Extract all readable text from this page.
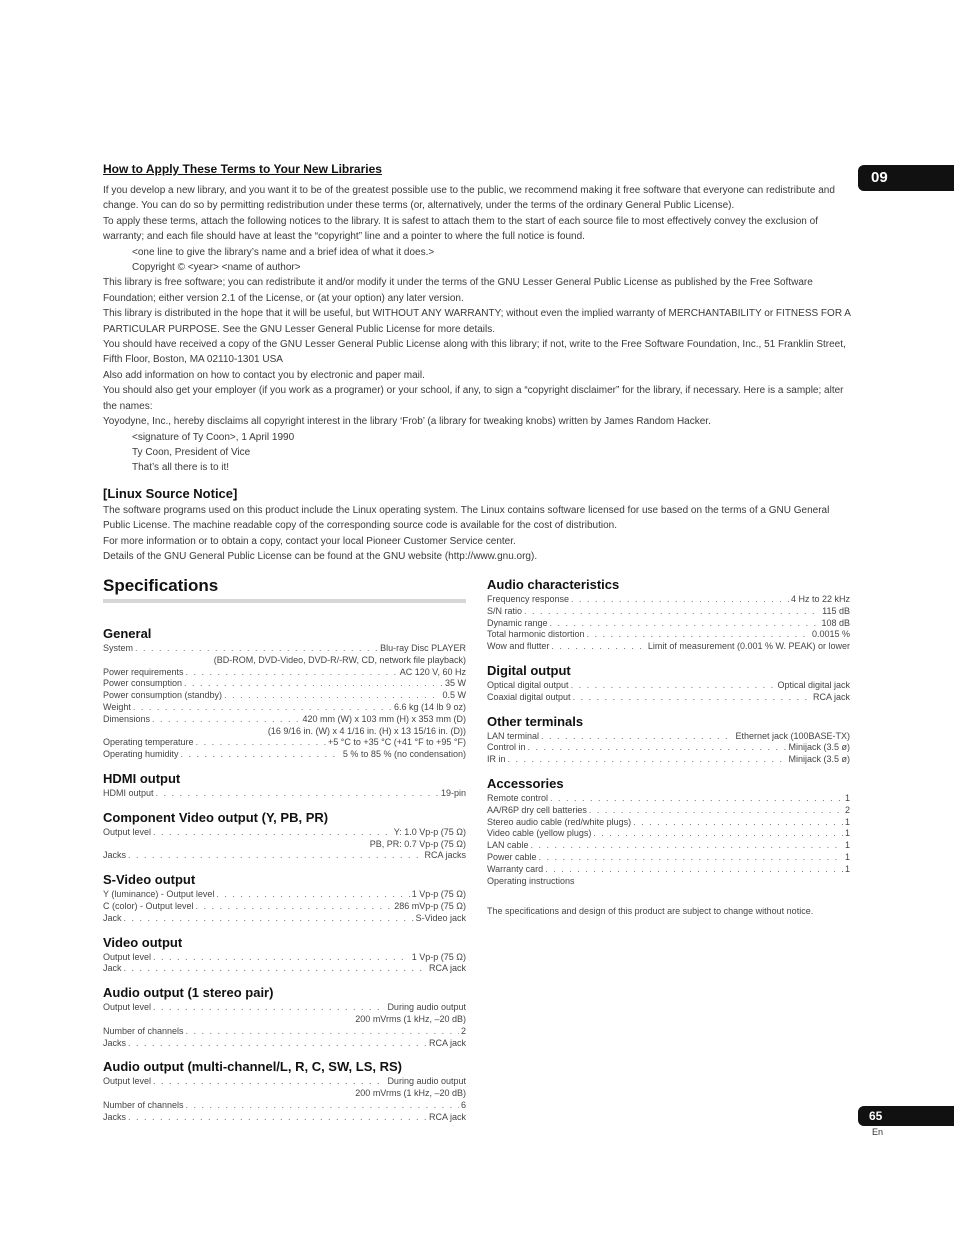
09
How to Apply These Terms to Your New Libraries

If you develop a new library, and you want it to be of the greatest possible use to the public, we recommend making it free software that everyone can redistribute and change. You can do so by permitting redistribution under these terms (or, alternatively, under the terms of the ordinary General Public License).

To apply these terms, attach the following notices to the library. It is safest to attach them to the start of each source file to most effectively convey the exclusion of warranty; and each file should have at least the “copyright” line and a pointer to where the full notice is found.

<one line to give the library’s name and a brief idea of what it does.>

Copyright © <year> <name of author>

This library is free software; you can redistribute it and/or modify it under the terms of the GNU Lesser General Public License as published by the Free Software Foundation; either version 2.1 of the License, or (at your option) any later version.

This library is distributed in the hope that it will be useful, but WITHOUT ANY WARRANTY; without even the implied warranty of MERCHANTABILITY or FITNESS FOR A PARTICULAR PURPOSE. See the GNU Lesser General Public License for more details.

You should have received a copy of the GNU Lesser General Public License along with this library; if not, write to the Free Software Foundation, Inc., 51 Franklin Street, Fifth Floor, Boston, MA 02110-1301 USA

Also add information on how to contact you by electronic and paper mail.

You should also get your employer (if you work as a programer) or your school, if any, to sign a “copyright disclaimer” for the library, if necessary. Here is a sample; alter the names:

Yoyodyne, Inc., hereby disclaims all copyright interest in the library ‘Frob’ (a library for tweaking knobs) written by James Random Hacker.

<signature of Ty Coon>, 1 April 1990

Ty Coon, President of Vice

That’s all there is to it!

[Linux Source Notice]

The software programs used on this product include the Linux operating system. The Linux contains software licensed for use based on the terms of a GNU General Public License. The machine readable copy of the corresponding source code is available for the cost of distribution.

For more information or to obtain a copy, contact your local Pioneer Customer Service center.

Details of the GNU General Public License can be found at the GNU website (http://www.gnu.org).

Specifications
General
System . . .	Blu-ray Disc PLAYER
(BD-ROM, DVD-Video, DVD-R/-RW, CD, network file playback)
Power requirements . . .	AC 120 V, 60 Hz
Power consumption . . .	35 W
Power consumption (standby) . . .	0.5 W
Weight . . .	6.6 kg (14 lb 9 oz)
Dimensions . . .	420 mm (W) x 103 mm (H) x 353 mm (D)
(16 9/16 in. (W) x 4 1/16 in. (H) x 13 15/16 in. (D))
Operating temperature . . .	+5 °C to +35 °C (+41 °F to +95 °F)
Operating humidity . . .	5 % to 85 % (no condensation)
HDMI output
HDMI output . . .	19-pin
Component Video output (Y, PB, PR)
Output level . . .	Y: 1.0 Vp-p (75 Ω)
PB, PR: 0.7 Vp-p (75 Ω)
Jacks . . .	RCA jacks
S-Video output
Y (luminance) - Output level . . .	1 Vp-p (75 Ω)
C (color) - Output level . . .	286 mVp-p (75 Ω)
Jack . . .	S-Video jack
Video output
Output level . . .	1 Vp-p (75 Ω)
Jack . . .	RCA jack
Audio output (1 stereo pair)
Output level . . .	During audio output
200 mVrms (1 kHz, –20 dB)
Number of channels . . .	2
Jacks . . .	RCA jack
Audio output (multi-channel/L, R, C, SW, LS, RS)
Output level . . .	During audio output
200 mVrms (1 kHz, –20 dB)
Number of channels . . .	6
Jacks . . .	RCA jack
Audio characteristics
Frequency response . . .	4 Hz to 22 kHz
S/N ratio . . .	115 dB
Dynamic range . . .	108 dB
Total harmonic distortion . . .	0.0015 %
Wow and flutter . . .	Limit of measurement (0.001 % W. PEAK) or lower
Digital output
Optical digital output . . .	Optical digital jack
Coaxial digital output . . .	RCA jack
Other terminals
LAN terminal . . .	Ethernet jack (100BASE-TX)
Control in . . .	Minijack (3.5 ø)
IR in . . .	Minijack (3.5 ø)
Accessories
Remote control . . .	1
AA/R6P dry cell batteries . . .	2
Stereo audio cable (red/white plugs) . . .	1
Video cable (yellow plugs) . . .	1
LAN cable . . .	1
Power cable . . .	1
Warranty card . . .	1
Operating instructions
The specifications and design of this product are subject to change without notice.
65
En
